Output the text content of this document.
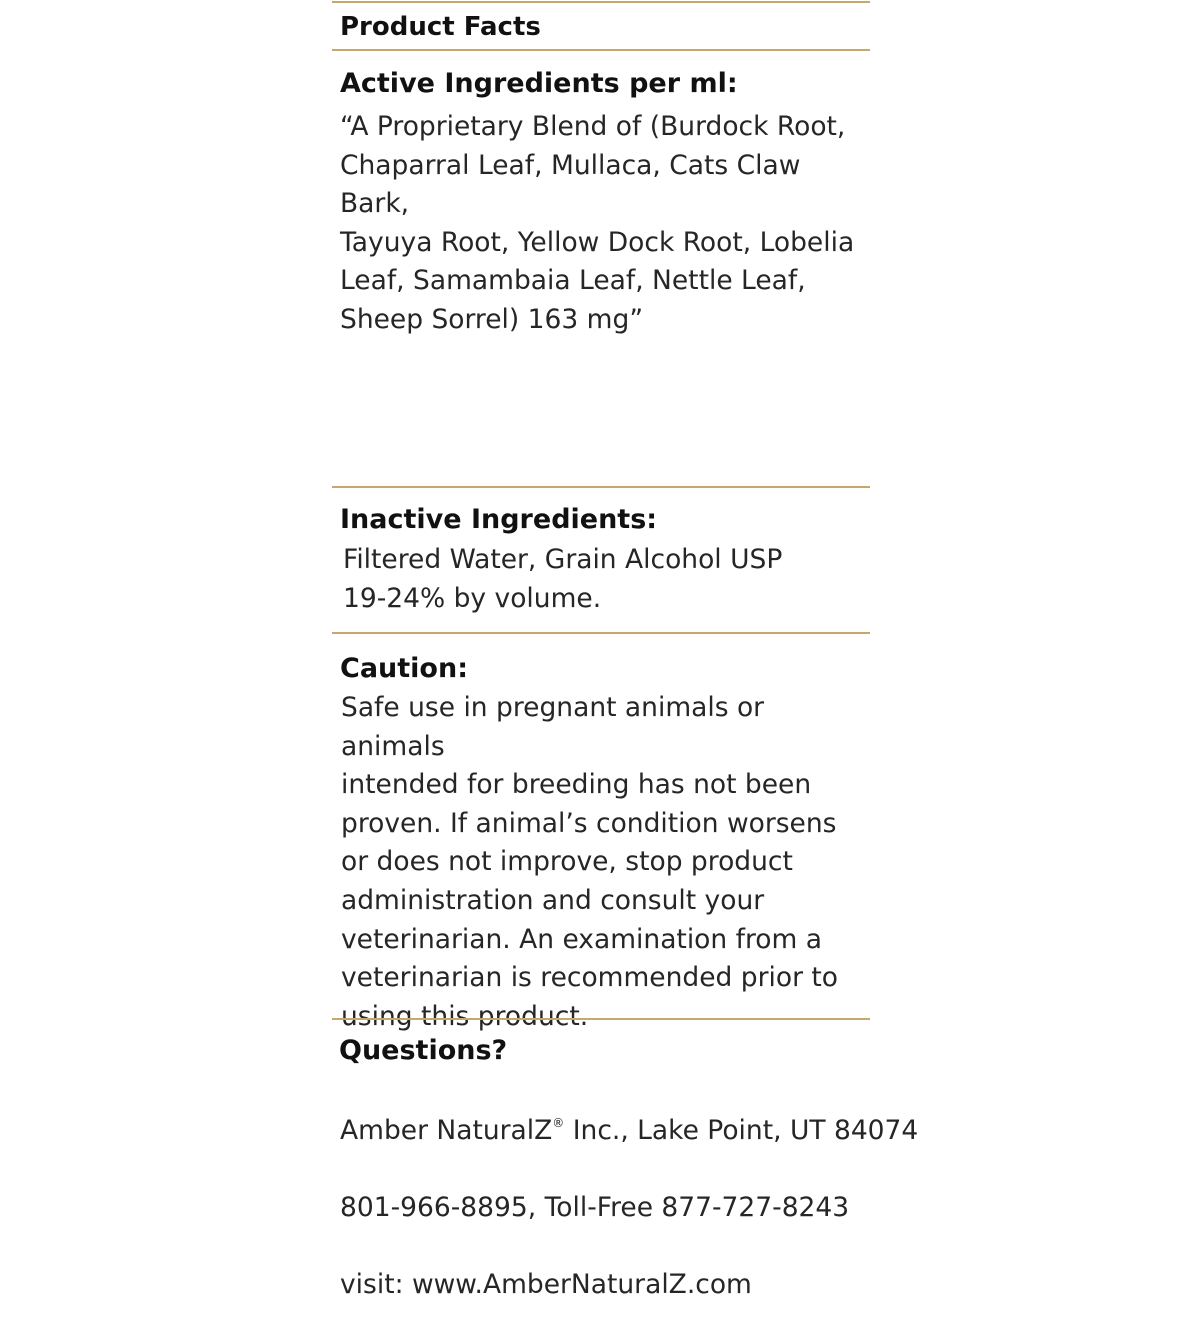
Product Facts
Active Ingredients per ml:
“A Proprietary Blend of (Burdock Root,
Chaparral Leaf, Mullaca, Cats Claw Bark,
Tayuya Root, Yellow Dock Root, Lobelia
Leaf, Samambaia Leaf, Nettle Leaf,
Sheep Sorrel) 163 mg”
Inactive Ingredients:
Filtered Water, Grain Alcohol USP
19-24% by volume.
Caution:
Safe use in pregnant animals or animals
intended for breeding has not been
proven. If animal’s condition worsens
or does not improve, stop product
administration and consult your
veterinarian. An examination from a
veterinarian is recommended prior to
using this product.
Questions?

Amber NaturalZ® Inc., Lake Point, UT 84074

801-966-8895, Toll-Free 877-727-8243

visit: www.AmberNaturalZ.com
